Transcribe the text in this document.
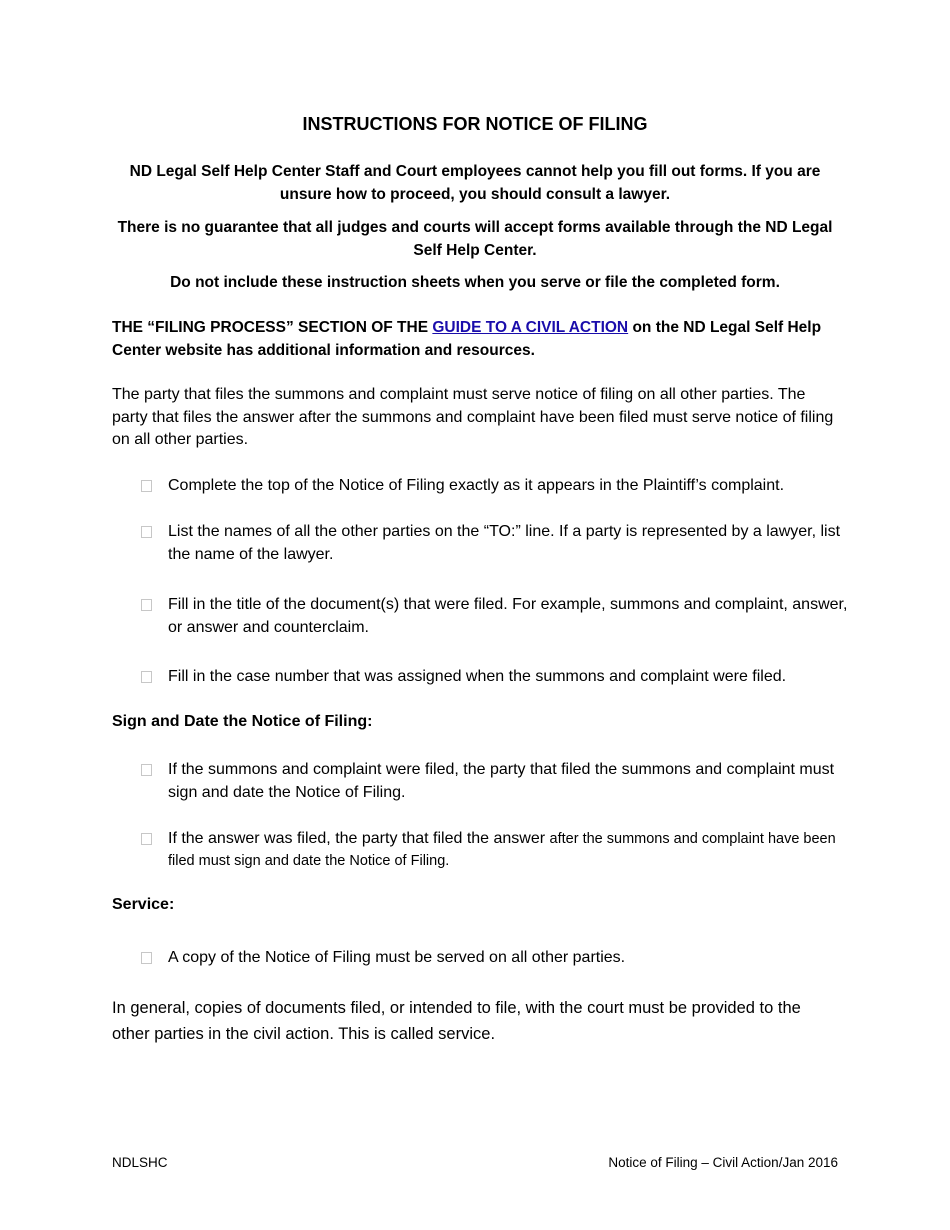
INSTRUCTIONS FOR NOTICE OF FILING
ND Legal Self Help Center Staff and Court employees cannot help you fill out forms. If you are unsure how to proceed, you should consult a lawyer.
There is no guarantee that all judges and courts will accept forms available through the ND Legal Self Help Center.
Do not include these instruction sheets when you serve or file the completed form.
THE “FILING PROCESS” SECTION OF THE GUIDE TO A CIVIL ACTION on the ND Legal Self Help Center website has additional information and resources.
The party that files the summons and complaint must serve notice of filing on all other parties. The party that files the answer after the summons and complaint have been filed must serve notice of filing on all other parties.
Complete the top of the Notice of Filing exactly as it appears in the Plaintiff’s complaint.
List the names of all the other parties on the “TO:” line. If a party is represented by a lawyer, list the name of the lawyer.
Fill in the title of the document(s) that were filed. For example, summons and complaint, answer, or answer and counterclaim.
Fill in the case number that was assigned when the summons and complaint were filed.
Sign and Date the Notice of Filing:
If the summons and complaint were filed, the party that filed the summons and complaint must sign and date the Notice of Filing.
If the answer was filed, the party that filed the answer after the summons and complaint have been filed must sign and date the Notice of Filing.
Service:
A copy of the Notice of Filing must be served on all other parties.
In general, copies of documents filed, or intended to file, with the court must be provided to the other parties in the civil action. This is called service.
NDLSHC	Notice of Filing – Civil Action/Jan 2016
